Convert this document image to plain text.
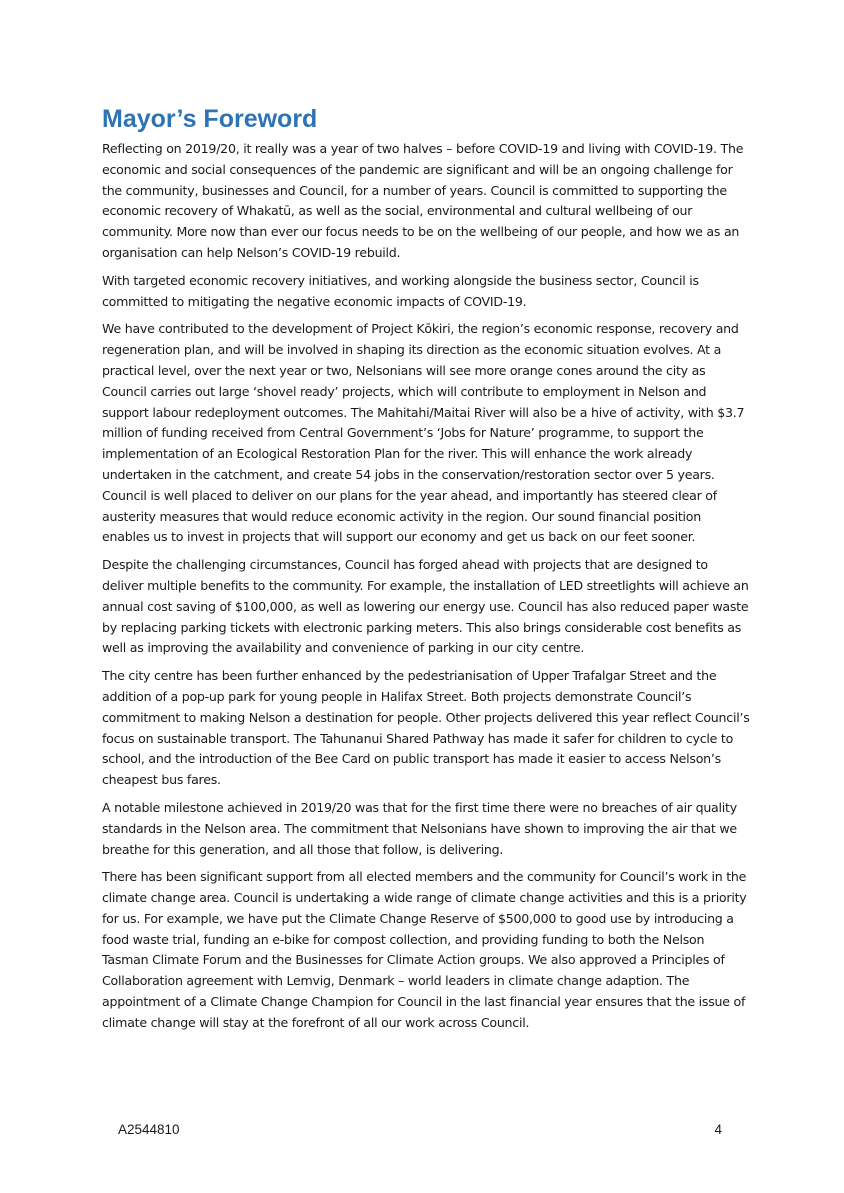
Mayor’s Foreword

Reflecting on 2019/20, it really was a year of two halves – before COVID-19 and living with COVID-19. The economic and social consequences of the pandemic are significant and will be an ongoing challenge for the community, businesses and Council, for a number of years. Council is committed to supporting the economic recovery of Whakatū, as well as the social, environmental and cultural wellbeing of our community. More now than ever our focus needs to be on the wellbeing of our people, and how we as an organisation can help Nelson’s COVID-19 rebuild.

With targeted economic recovery initiatives, and working alongside the business sector, Council is committed to mitigating the negative economic impacts of COVID-19.

We have contributed to the development of Project Kōkiri, the region’s economic response, recovery and regeneration plan, and will be involved in shaping its direction as the economic situation evolves. At a practical level, over the next year or two, Nelsonians will see more orange cones around the city as Council carries out large ‘shovel ready’ projects, which will contribute to employment in Nelson and support labour redeployment outcomes. The Mahitahi/Maitai River will also be a hive of activity, with $3.7 million of funding received from Central Government’s ‘Jobs for Nature’ programme, to support the implementation of an Ecological Restoration Plan for the river. This will enhance the work already undertaken in the catchment, and create 54 jobs in the conservation/restoration sector over 5 years. Council is well placed to deliver on our plans for the year ahead, and importantly has steered clear of austerity measures that would reduce economic activity in the region. Our sound financial position enables us to invest in projects that will support our economy and get us back on our feet sooner.

Despite the challenging circumstances, Council has forged ahead with projects that are designed to deliver multiple benefits to the community. For example, the installation of LED streetlights will achieve an annual cost saving of $100,000, as well as lowering our energy use. Council has also reduced paper waste by replacing parking tickets with electronic parking meters. This also brings considerable cost benefits as well as improving the availability and convenience of parking in our city centre.

The city centre has been further enhanced by the pedestrianisation of Upper Trafalgar Street and the addition of a pop-up park for young people in Halifax Street. Both projects demonstrate Council’s commitment to making Nelson a destination for people. Other projects delivered this year reflect Council’s focus on sustainable transport. The Tahunanui Shared Pathway has made it safer for children to cycle to school, and the introduction of the Bee Card on public transport has made it easier to access Nelson’s cheapest bus fares.

A notable milestone achieved in 2019/20 was that for the first time there were no breaches of air quality standards in the Nelson area. The commitment that Nelsonians have shown to improving the air that we breathe for this generation, and all those that follow, is delivering.

There has been significant support from all elected members and the community for Council’s work in the climate change area. Council is undertaking a wide range of climate change activities and this is a priority for us. For example, we have put the Climate Change Reserve of $500,000 to good use by introducing a food waste trial, funding an e-bike for compost collection, and providing funding to both the Nelson Tasman Climate Forum and the Businesses for Climate Action groups. We also approved a Principles of Collaboration agreement with Lemvig, Denmark – world leaders in climate change adaption. The appointment of a Climate Change Champion for Council in the last financial year ensures that the issue of climate change will stay at the forefront of all our work across Council.

A2544810	4
